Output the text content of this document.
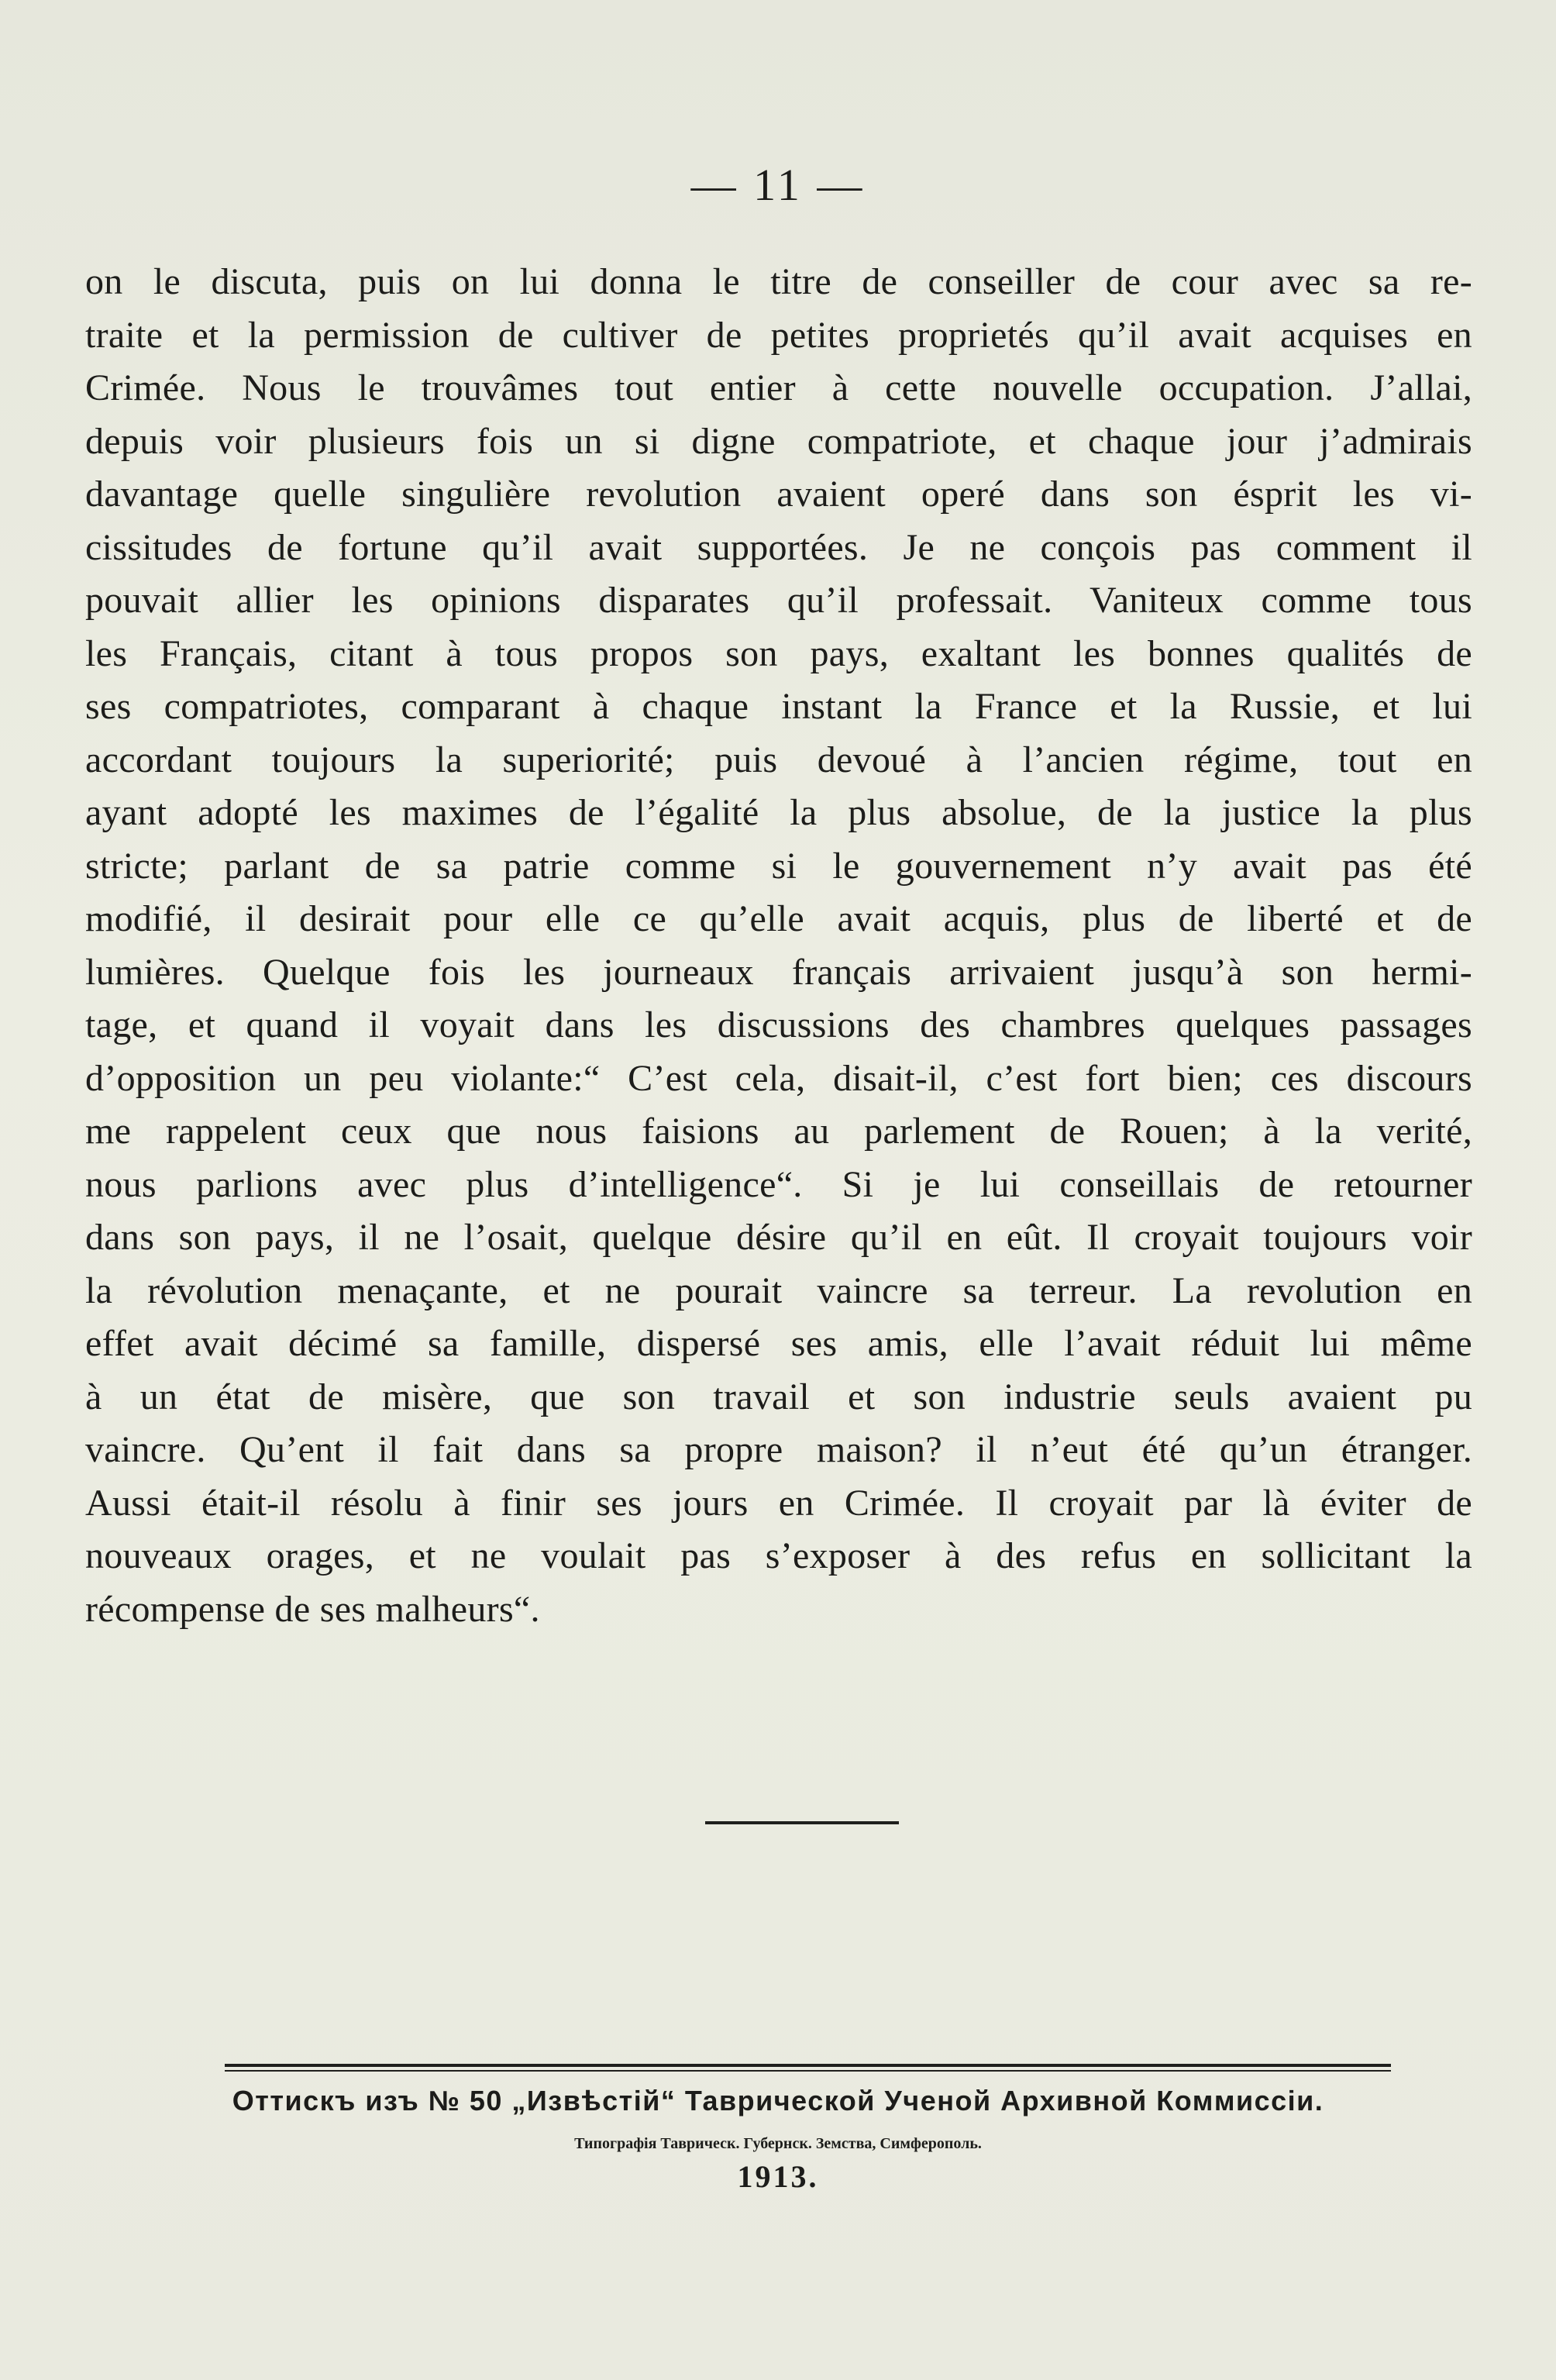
— 11 —
on le discuta, puis on lui donna le titre de conseiller de cour avec sa re-
traite et la permission de cultiver de petites proprietés qu’il avait acquises en
Crimée. Nous le trouvâmes tout entier à cette nouvelle occupation. J’allai,
depuis voir plusieurs fois un si digne compatriote, et chaque jour j’admirais
davantage quelle singulière revolution avaient operé dans son ésprit les vi-
cissitudes de fortune qu’il avait supportées. Je ne conçois pas comment il
pouvait allier les opinions disparates qu’il professait. Vaniteux comme tous
les Français, citant à tous propos son pays, exaltant les bonnes qualités de
ses compatriotes, comparant à chaque instant la France et la Russie, et lui
accordant toujours la superiorité; puis devoué à l’ancien régime, tout en
ayant adopté les maximes de l’égalité la plus absolue, de la justice la plus
stricte; parlant de sa patrie comme si le gouvernement n’y avait pas été
modifié, il desirait pour elle ce qu’elle avait acquis, plus de liberté et de
lumières. Quelque fois les journeaux français arrivaient jusqu’à son hermi-
tage, et quand il voyait dans les discussions des chambres quelques passages
d’opposition un peu violante:“ C’est cela, disait-il, c’est fort bien; ces discours
me rappelent ceux que nous faisions au parlement de Rouen; à la verité,
nous parlions avec plus d’intelligence“. Si je lui conseillais de retourner
dans son pays, il ne l’osait, quelque désire qu’il en eût. Il croyait toujours voir
la révolution menaçante, et ne pourait vaincre sa terreur. La revolution en
effet avait décimé sa famille, dispersé ses amis, elle l’avait réduit lui même
à un état de misère, que son travail et son industrie seuls avaient pu
vaincre. Qu’ent il fait dans sa propre maison? il n’eut été qu’un étranger.
Aussi était-il résolu à finir ses jours en Crimée. Il croyait par là éviter de
nouveaux orages, et ne voulait pas s’exposer à des refus en sollicitant la
récompense de ses malheurs“.
Оттискъ изъ № 50 „Извѣстій“ Таврической Ученой Архивной Коммиссіи.
Типографія Таврическ. Губернск. Земства, Симферополь.
1913.
